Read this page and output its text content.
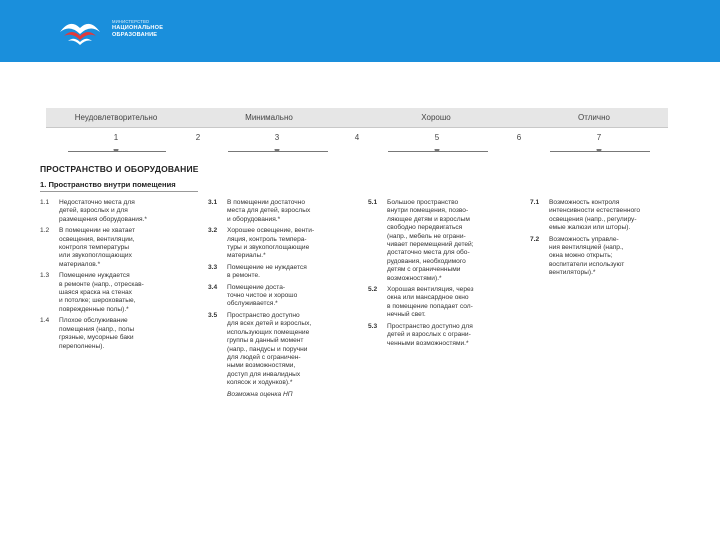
МИНИСТЕРСТВО
НАЦИОНАЛЬНОЕ
ОБРАЗОВАНИЕ
Неудовлетворительно	Минимально	Хорошо	Отлично
1	2	3	4	5	6	7
ПРОСТРАНСТВО И ОБОРУДОВАНИЕ
1. Пространство внутри помещения
1.1 Недостаточно места для
детей, взрослых и для
размещения оборудования.*
1.2 В помещении не хватает
освещения, вентиляции,
контроля температуры
или звукопоглощающих
материалов.*
1.3 Помещение нуждается
в ремонте (напр., отрескав-
шаяся краска на стенах
и потолке; шероховатые,
поврежденные полы).*
1.4 Плохое обслуживание
помещения (напр., полы
грязные, мусорные баки
переполнены).
3.1 В помещении достаточно
места для детей, взрослых
и оборудования.*
3.2 Хорошее освещение, венти-
ляция, контроль темпера-
туры и звукопоглощающие
материалы.*
3.3 Помещение не нуждается
в ремонте.
3.4 Помещение доста-
точно чистое и хорошо
обслуживается.*
3.5 Пространство доступно
для всех детей и взрослых,
использующих помещение
группы в данный момент
(напр., пандусы и поручни
для людей с ограничен-
ными возможностями,
доступ для инвалидных
колясок и ходунков).*
Возможна оценка НП
5.1 Большое пространство
внутри помещения, позво-
ляющее детям и взрослым
свободно передвигаться
(напр., мебель не ограни-
чивает перемещений детей;
достаточно места для обо-
рудования, необходимого
детям с ограниченными
возможностями).*
5.2 Хорошая вентиляция, через
окна или мансардное окно
в помещение попадает сол-
нечный свет.
5.3 Пространство доступно для
детей и взрослых с ограни-
ченными возможностями.*
7.1 Возможность контроля
интенсивности естественного
освещения (напр., регулиру-
емые жалюзи или шторы).
7.2 Возможность управле-
ния вентиляцией (напр.,
окна можно открыть;
воспитатели используют
вентиляторы).*
